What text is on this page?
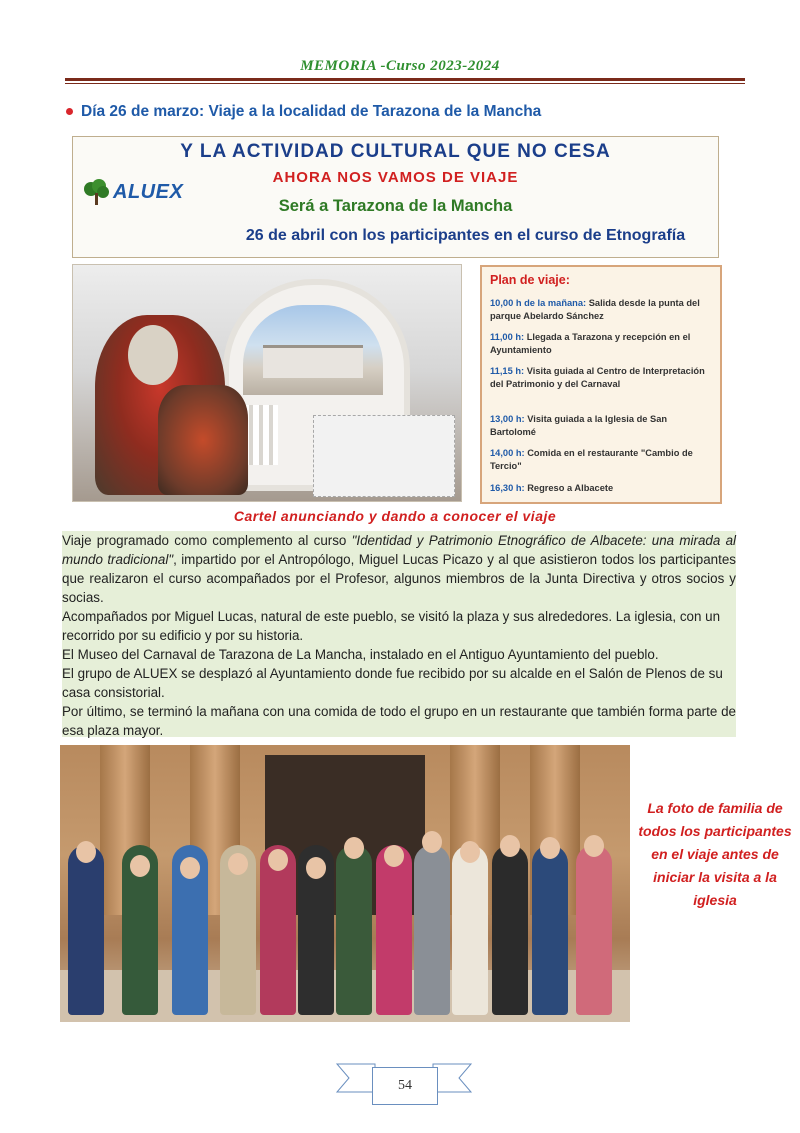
MEMORIA -Curso 2023-2024
Día 26 de marzo: Viaje a la localidad de Tarazona de la Mancha
ALUEX
Y LA ACTIVIDAD CULTURAL QUE NO CESA
AHORA NOS VAMOS DE VIAJE
Será a Tarazona de la Mancha
26 de abril con los participantes en el curso de Etnografía
Plan de viaje:
10,00 h de la mañana: Salida desde la punta del parque Abelardo Sánchez
11,00 h: Llegada a Tarazona y recepción en el Ayuntamiento
11,15 h: Visita guiada al Centro de Interpretación del Patrimonio y del Carnaval
13,00 h: Visita guiada a la Iglesia de San Bartolomé
14,00 h: Comida en el restaurante "Cambio de Tercio"
16,30 h: Regreso a Albacete
Cartel anunciando y dando a conocer el viaje

Viaje programado como complemento al curso "Identidad y Patrimonio Etnográfico de Albacete: una mirada al mundo tradicional", impartido por el Antropólogo, Miguel Lucas Picazo y al que asistieron todos los participantes que realizaron el curso acompañados por el Profesor, algunos miembros de la Junta Directiva y otros socios y socias.

Acompañados por Miguel Lucas, natural de este pueblo, se visitó la plaza y sus alrededores. La iglesia, con un recorrido por su edificio y por su historia.

El Museo del Carnaval de Tarazona de La Mancha, instalado en el Antiguo Ayuntamiento del pueblo.

El grupo de ALUEX se desplazó al Ayuntamiento donde fue recibido por su alcalde en el Salón de Plenos de su casa consistorial.

Por último, se terminó la mañana con una comida de todo el grupo en un restaurante que también forma parte de esa plaza mayor.

La foto de familia de todos los participantes en el viaje antes de iniciar la visita a la iglesia
54
